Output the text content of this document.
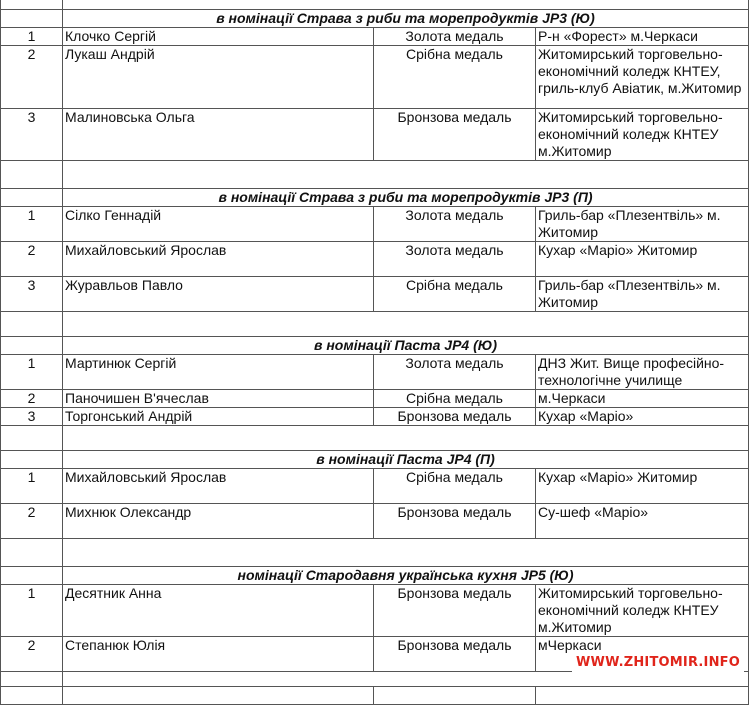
	в номінації Страва з риби та морепродуктів JP3 (Ю)		
1	Клочко Сергій	Золота медаль	Р-н «Форест» м.Черкаси
2	Лукаш Андрій	Срібна медаль	Житомирський торговельно-економічний коледж КНТЕУ, гриль-клуб Авіатик, м.Житомир
3	Малиновська Ольга	Бронзова медаль	Житомирський торговельно-економічний коледж КНТЕУ м.Житомир

	в номінації Страва з риби та морепродуктів JP3 (П)		
1	Сілко Геннадій	Золота медаль	Гриль-бар «Плезентвіль» м. Житомир
2	Михайловський Ярослав	Золота медаль	Кухар «Маріо» Житомир
3	Журавльов Павло	Срібна медаль	Гриль-бар «Плезентвіль» м. Житомир

	в номінації Паста JP4 (Ю)		
1	Мартинюк Сергій	Золота медаль	ДНЗ Жит. Вище професійно-технологічне училище
2	Паночишен В'ячеслав	Срібна медаль	м.Черкаси
3	Торгонський Андрій	Бронзова медаль	Кухар «Маріо»

	в номінації Паста JP4 (П)		
1	Михайловський Ярослав	Срібна медаль	Кухар «Маріо» Житомир
2	Михнюк Олександр	Бронзова медаль	Су-шеф «Маріо»

	номінації Стародавня українська кухня JP5 (Ю)		
1	Десятник Анна	Бронзова медаль	Житомирський торговельно-економічний коледж КНТЕУ м.Житомир
2	Степанюк Юлія	Бронзова медаль	мЧеркаси

WWW.ZHITOMIR.INFO
